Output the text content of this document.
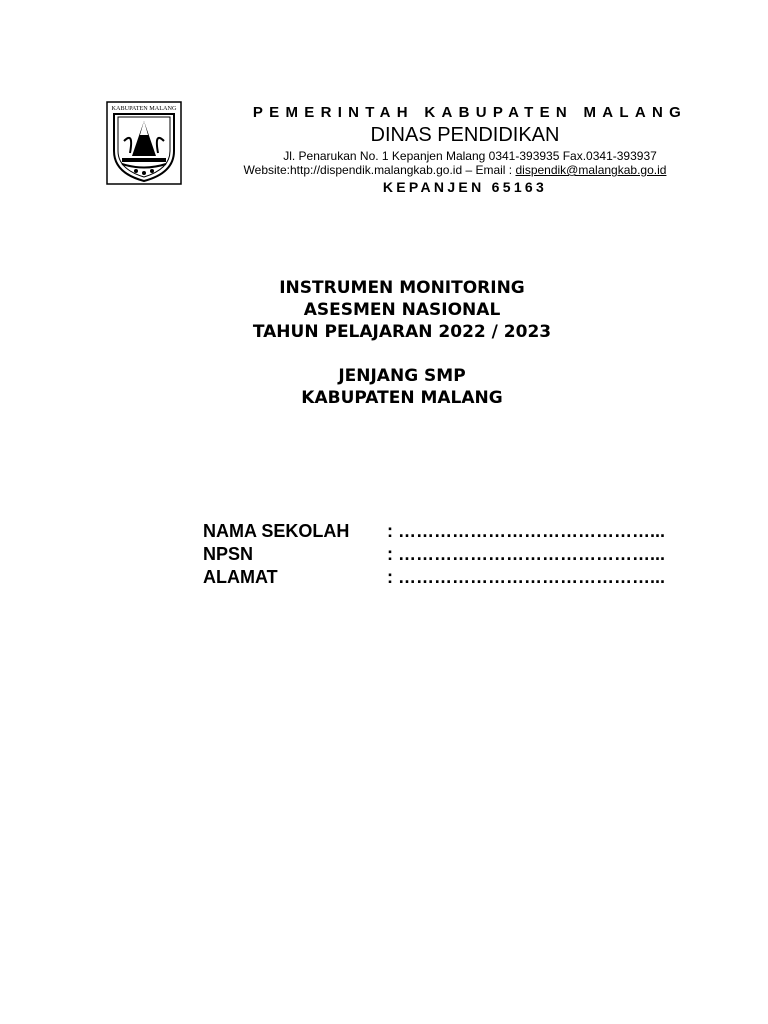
KABUPATEN MALANG	PEMERINTAH KABUPATEN MALANG
DINAS PENDIDIKAN
Jl. Penarukan No. 1 Kepanjen Malang 0341-393935 Fax.0341-393937
Website:http://dispendik.malangkab.go.id – Email : dispendik@malangkab.go.id
KEPANJEN 65163
INSTRUMEN MONITORING
ASESMEN NASIONAL
TAHUN PELAJARAN 2022 / 2023
JENJANG SMP
KABUPATEN MALANG
NAMA SEKOLAH	: ……………………………………...
NPSN	: ……………………………………...
ALAMAT	: ……………………………………...
